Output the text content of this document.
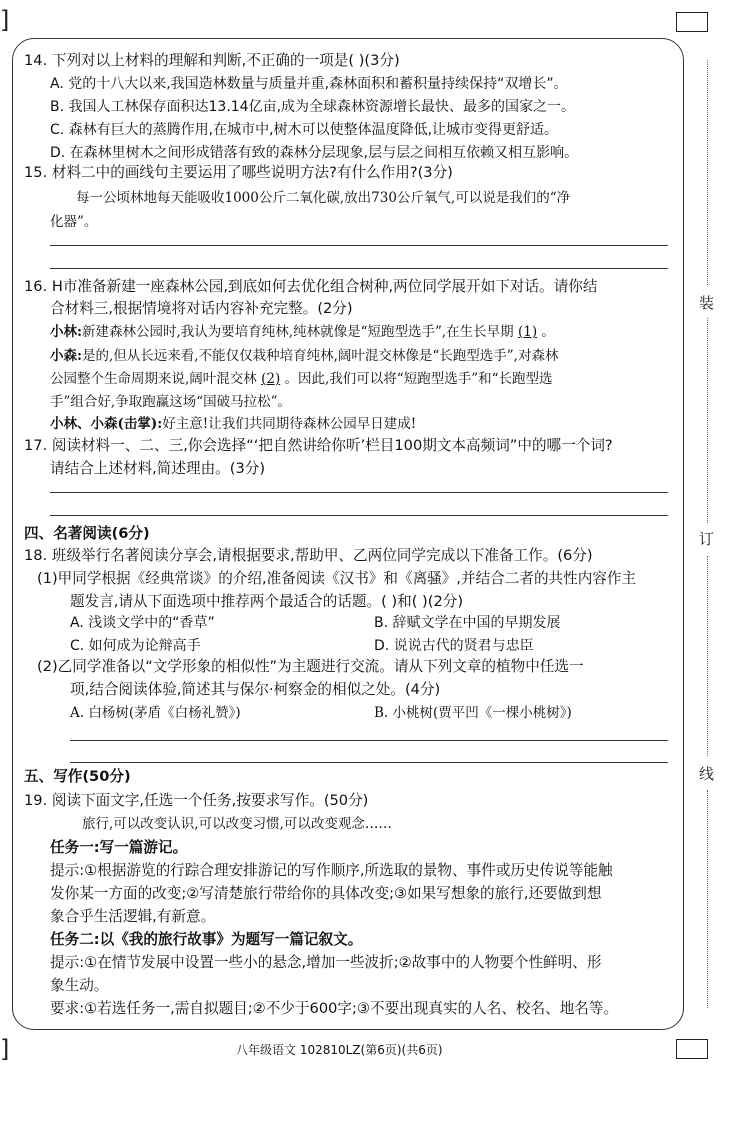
]
]
装
订
线
14. 下列对以上材料的理解和判断,不正确的一项是( )(3分)
A. 党的十八大以来,我国造林数量与质量并重,森林面积和蓄积量持续保持“双增长”。
B. 我国人工林保存面积达13.14亿亩,成为全球森林资源增长最快、最多的国家之一。
C. 森林有巨大的蒸腾作用,在城市中,树木可以使整体温度降低,让城市变得更舒适。
D. 在森林里树木之间形成错落有致的森林分层现象,层与层之间相互依赖又相互影响。
15. 材料二中的画线句主要运用了哪些说明方法?有什么作用?(3分)
每一公顷林地每天能吸收1000公斤二氧化碳,放出730公斤氧气,可以说是我们的“净
化器”。
16. H市准备新建一座森林公园,到底如何去优化组合树种,两位同学展开如下对话。请你结
合材料三,根据情境将对话内容补充完整。(2分)
小林:新建森林公园时,我认为要培育纯林,纯林就像是“短跑型选手”,在生长早期 (1) 。
小森:是的,但从长远来看,不能仅仅栽种培育纯林,阔叶混交林像是“长跑型选手”,对森林
公园整个生命周期来说,阔叶混交林 (2) 。因此,我们可以将“短跑型选手”和“长跑型选
手”组合好,争取跑赢这场“国破马拉松”。
小林、小森(击掌):好主意!让我们共同期待森林公园早日建成!
17. 阅读材料一、二、三,你会选择“‘把自然讲给你听’栏目100期文本高频词”中的哪一个词?
请结合上述材料,简述理由。(3分)
四、名著阅读(6分)
18. 班级举行名著阅读分享会,请根据要求,帮助甲、乙两位同学完成以下准备工作。(6分)
(1)甲同学根据《经典常谈》的介绍,准备阅读《汉书》和《离骚》,并结合二者的共性内容作主
题发言,请从下面选项中推荐两个最适合的话题。( )和( )(2分)
A. 浅谈文学中的“香草”	B. 辞赋文学在中国的早期发展
C. 如何成为论辩高手	D. 说说古代的贤君与忠臣
(2)乙同学准备以“文学形象的相似性”为主题进行交流。请从下列文章的植物中任选一
项,结合阅读体验,简述其与保尔·柯察金的相似之处。(4分)
A. 白杨树(茅盾《白杨礼赞》)	B. 小桃树(贾平凹《一棵小桃树》)
五、写作(50分)
19. 阅读下面文字,任选一个任务,按要求写作。(50分)
旅行,可以改变认识,可以改变习惯,可以改变观念……
任务一:写一篇游记。
提示:①根据游览的行踪合理安排游记的写作顺序,所选取的景物、事件或历史传说等能触
发你某一方面的改变;②写清楚旅行带给你的具体改变;③如果写想象的旅行,还要做到想
象合乎生活逻辑,有新意。
任务二:以《我的旅行故事》为题写一篇记叙文。
提示:①在情节发展中设置一些小的悬念,增加一些波折;②故事中的人物要个性鲜明、形
象生动。
要求:①若选任务一,需自拟题目;②不少于600字;③不要出现真实的人名、校名、地名等。
八年级语文 102810LZ(第6页)(共6页)
